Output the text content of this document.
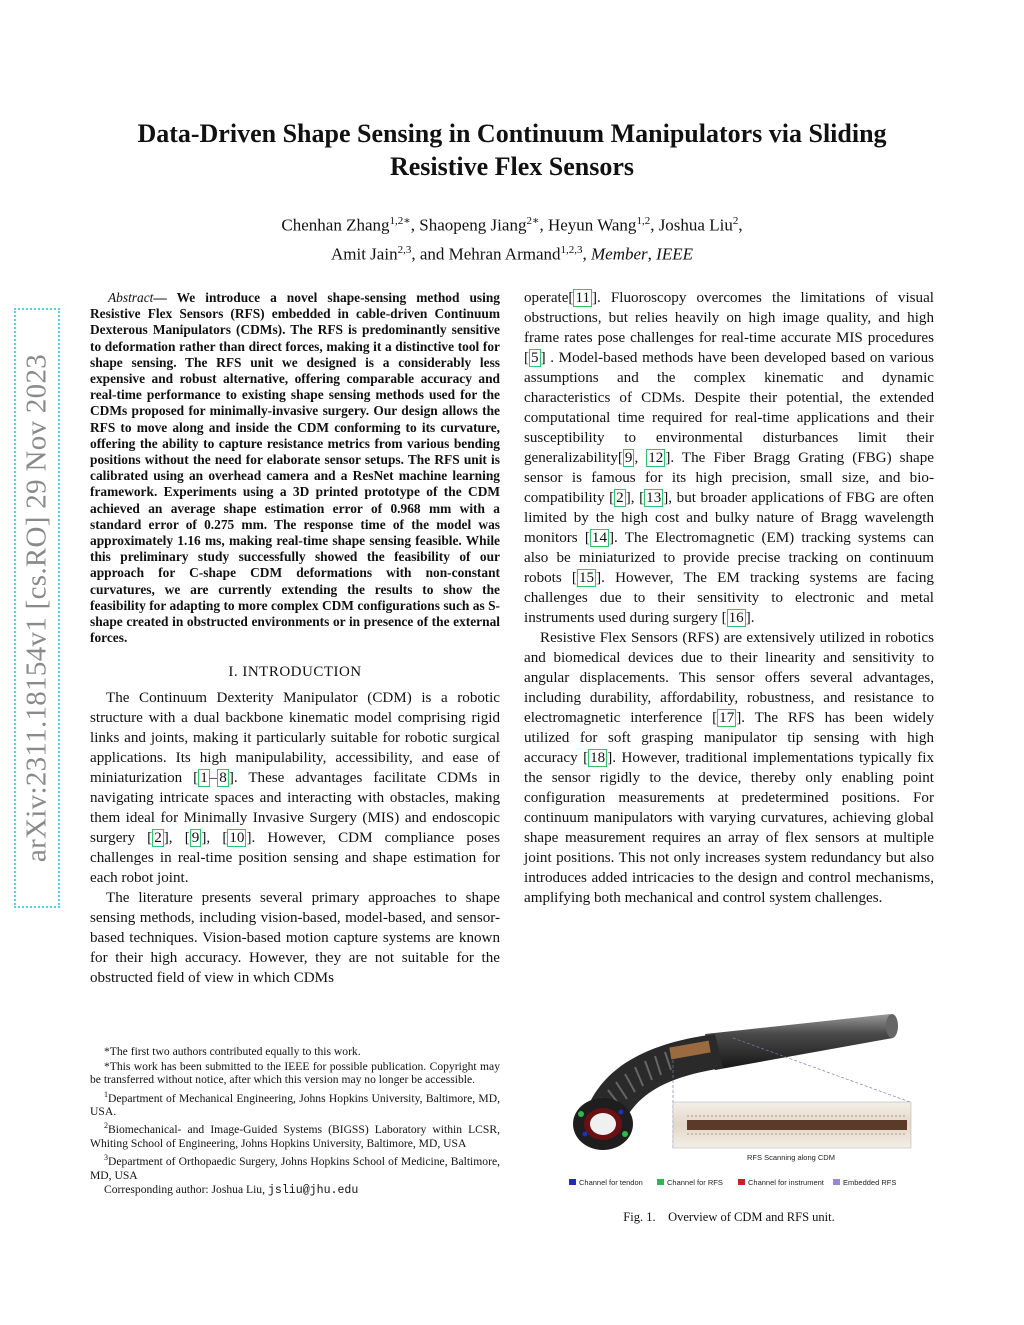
arXiv:2311.18154v1 [cs.RO] 29 Nov 2023
Data-Driven Shape Sensing in Continuum Manipulators via Sliding
Resistive Flex Sensors
Chenhan Zhang$^{1,2∗}$, Shaopeng Jiang$^{2∗}$, Heyun Wang$^{1,2}$, Joshua Liu$^2$,
Amit Jain$^{2,3}$, and Mehran Armand$^{1,2,3}$, Member, IEEE

Abstract— We introduce a novel shape-sensing method using Resistive Flex Sensors (RFS) embedded in cable-driven Continuum Dexterous Manipulators (CDMs). The RFS is predominantly sensitive to deformation rather than direct forces, making it a distinctive tool for shape sensing. The RFS unit we designed is a considerably less expensive and robust alternative, offering comparable accuracy and real-time performance to existing shape sensing methods used for the CDMs proposed for minimally-invasive surgery. Our design allows the RFS to move along and inside the CDM conforming to its curvature, offering the ability to capture resistance metrics from various bending positions without the need for elaborate sensor setups. The RFS unit is calibrated using an overhead camera and a ResNet machine learning framework. Experiments using a 3D printed prototype of the CDM achieved an average shape estimation error of 0.968 mm with a standard error of 0.275 mm. The response time of the model was approximately 1.16 ms, making real-time shape sensing feasible. While this preliminary study successfully showed the feasibility of our approach for C-shape CDM deformations with non-constant curvatures, we are currently extending the results to show the feasibility for adapting to more complex CDM configurations such as S-shape created in obstructed environments or in presence of the external forces.

I. INTRODUCTION

The Continuum Dexterity Manipulator (CDM) is a robotic structure with a dual backbone kinematic model comprising rigid links and joints, making it particularly suitable for robotic surgical applications. Its high manipulability, accessibility, and ease of miniaturization [ 1 – 8 ]. These advantages facilitate CDMs in navigating intricate spaces and interacting with obstacles, making them ideal for Minimally Invasive Surgery (MIS) and endoscopic surgery [ 2 ], [ 9 ], [ 10 ]. However, CDM compliance poses challenges in real-time position sensing and shape estimation for each robot joint.

The literature presents several primary approaches to shape sensing methods, including vision-based, model-based, and sensor-based techniques. Vision-based motion capture systems are known for their high accuracy. However, they are not suitable for the obstructed field of view in which CDMs

*The first two authors contributed equally to this work.

*This work has been submitted to the IEEE for possible publication. Copyright may be transferred without notice, after which this version may no longer be accessible.

$^1$Department of Mechanical Engineering, Johns Hopkins University, Baltimore, MD, USA.

$^2$Biomechanical- and Image-Guided Systems (BIGSS) Laboratory within LCSR, Whiting School of Engineering, Johns Hopkins University, Baltimore, MD, USA

$^3$Department of Orthopaedic Surgery, Johns Hopkins School of Medicine, Baltimore, MD, USA

Corresponding author: Joshua Liu, jsliu@jhu.edu

operate[ 11 ]. Fluoroscopy overcomes the limitations of visual obstructions, but relies heavily on high image quality, and high frame rates pose challenges for real-time accurate MIS procedures [ 5 ] . Model-based methods have been developed based on various assumptions and the complex kinematic and dynamic characteristics of CDMs. Despite their potential, the extended computational time required for real-time applications and their susceptibility to environmental disturbances limit their generalizability[ 9 , 12 ]. The Fiber Bragg Grating (FBG) shape sensor is famous for its high precision, small size, and bio-compatibility [ 2 ], [ 13 ], but broader applications of FBG are often limited by the high cost and bulky nature of Bragg wavelength monitors [ 14 ]. The Electromagnetic (EM) tracking systems can also be miniaturized to provide precise tracking on continuum robots [ 15 ]. However, The EM tracking systems are facing challenges due to their sensitivity to electronic and metal instruments used during surgery [ 16 ].

Resistive Flex Sensors (RFS) are extensively utilized in robotics and biomedical devices due to their linearity and sensitivity to angular displacements. This sensor offers several advantages, including durability, affordability, robustness, and resistance to electromagnetic interference [ 17 ]. The RFS has been widely utilized for soft grasping manipulator tip sensing with high accuracy [ 18 ]. However, traditional implementations typically fix the sensor rigidly to the device, thereby only enabling point configuration measurements at predetermined positions. For continuum manipulators with varying curvatures, achieving global shape measurement requires an array of flex sensors at multiple joint positions. This not only increases system redundancy but also introduces added intricacies to the design and control mechanisms, amplifying both mechanical and control system challenges.

RFS Scanning along CDM
Channel for tendon	Channel for RFS	Channel for instrument	Embedded RFS
Fig. 1.    Overview of CDM and RFS unit.
